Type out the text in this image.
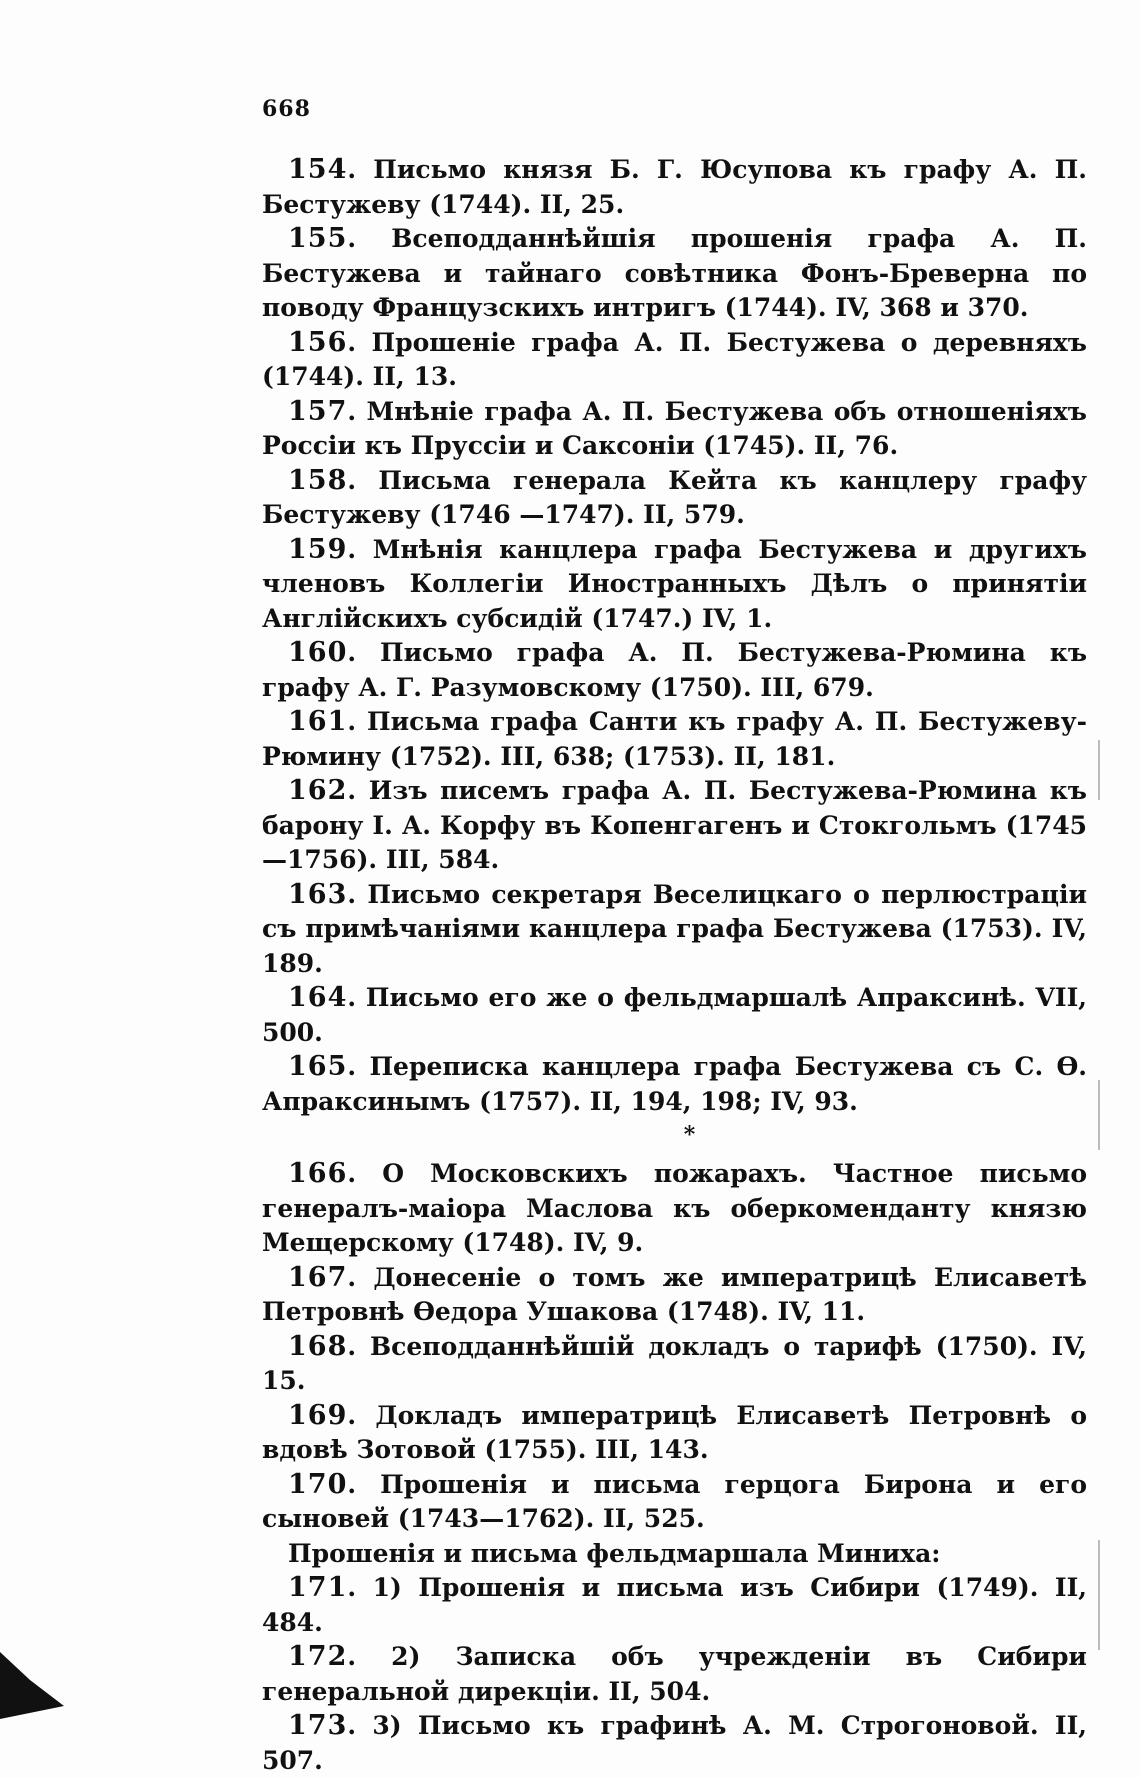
668

154. Письмо князя Б. Г. Юсупова къ графу А. П. Бестужеву (1744). II, 25.

155. Всеподданнѣйшія прошенія графа А. П. Бестужева и тайнаго совѣтника Фонъ-Бреверна по поводу Французскихъ интригъ (1744). IV, 368 и 370.

156. Прошеніе графа А. П. Бестужева о деревняхъ (1744). II, 13.

157. Мнѣніе графа А. П. Бестужева объ отношеніяхъ Россіи къ Пруссіи и Саксоніи (1745). II, 76.

158. Письма генерала Кейта къ канцлеру графу Бестужеву (1746 —1747). II, 579.

159. Мнѣнія канцлера графа Бестужева и другихъ членовъ Коллегіи Иностранныхъ Дѣлъ о принятіи Англійскихъ субсидій (1747.) IV, 1.

160. Письмо графа А. П. Бестужева-Рюмина къ графу А. Г. Разумовскому (1750). III, 679.

161. Письма графа Санти къ графу А. П. Бестужеву-Рюмину (1752). III, 638; (1753). II, 181.

162. Изъ писемъ графа А. П. Бестужева-Рюмина къ барону I. А. Корфу въ Копенгагенъ и Стокгольмъ (1745—1756). III, 584.

163. Письмо секретаря Веселицкаго о перлюстраціи съ примѣчаніями канцлера графа Бестужева (1753). IV, 189.

164. Письмо его же о фельдмаршалѣ Апраксинѣ. VII, 500.

165. Переписка канцлера графа Бестужева съ С. Ѳ. Апраксинымъ (1757). II, 194, 198; IV, 93.

*

166. О Московскихъ пожарахъ. Частное письмо генералъ-маіора Маслова къ оберкоменданту князю Мещерскому (1748). IV, 9.

167. Донесеніе о томъ же императрицѣ Елисаветѣ Петровнѣ Ѳедора Ушакова (1748). IV, 11.

168. Всеподданнѣйшій докладъ о тарифѣ (1750). IV, 15.

169. Докладъ императрицѣ Елисаветѣ Петровнѣ о вдовѣ Зотовой (1755). III, 143.

170. Прошенія и письма герцога Бирона и его сыновей (1743—1762). II, 525.

Прошенія и письма фельдмаршала Миниха:

171. 1) Прошенія и письма изъ Сибири (1749). II, 484.

172. 2) Записка объ учрежденіи въ Сибири генеральной дирекціи. II, 504.

173. 3) Письмо къ графинѣ А. М. Строгоновой. II, 507.
